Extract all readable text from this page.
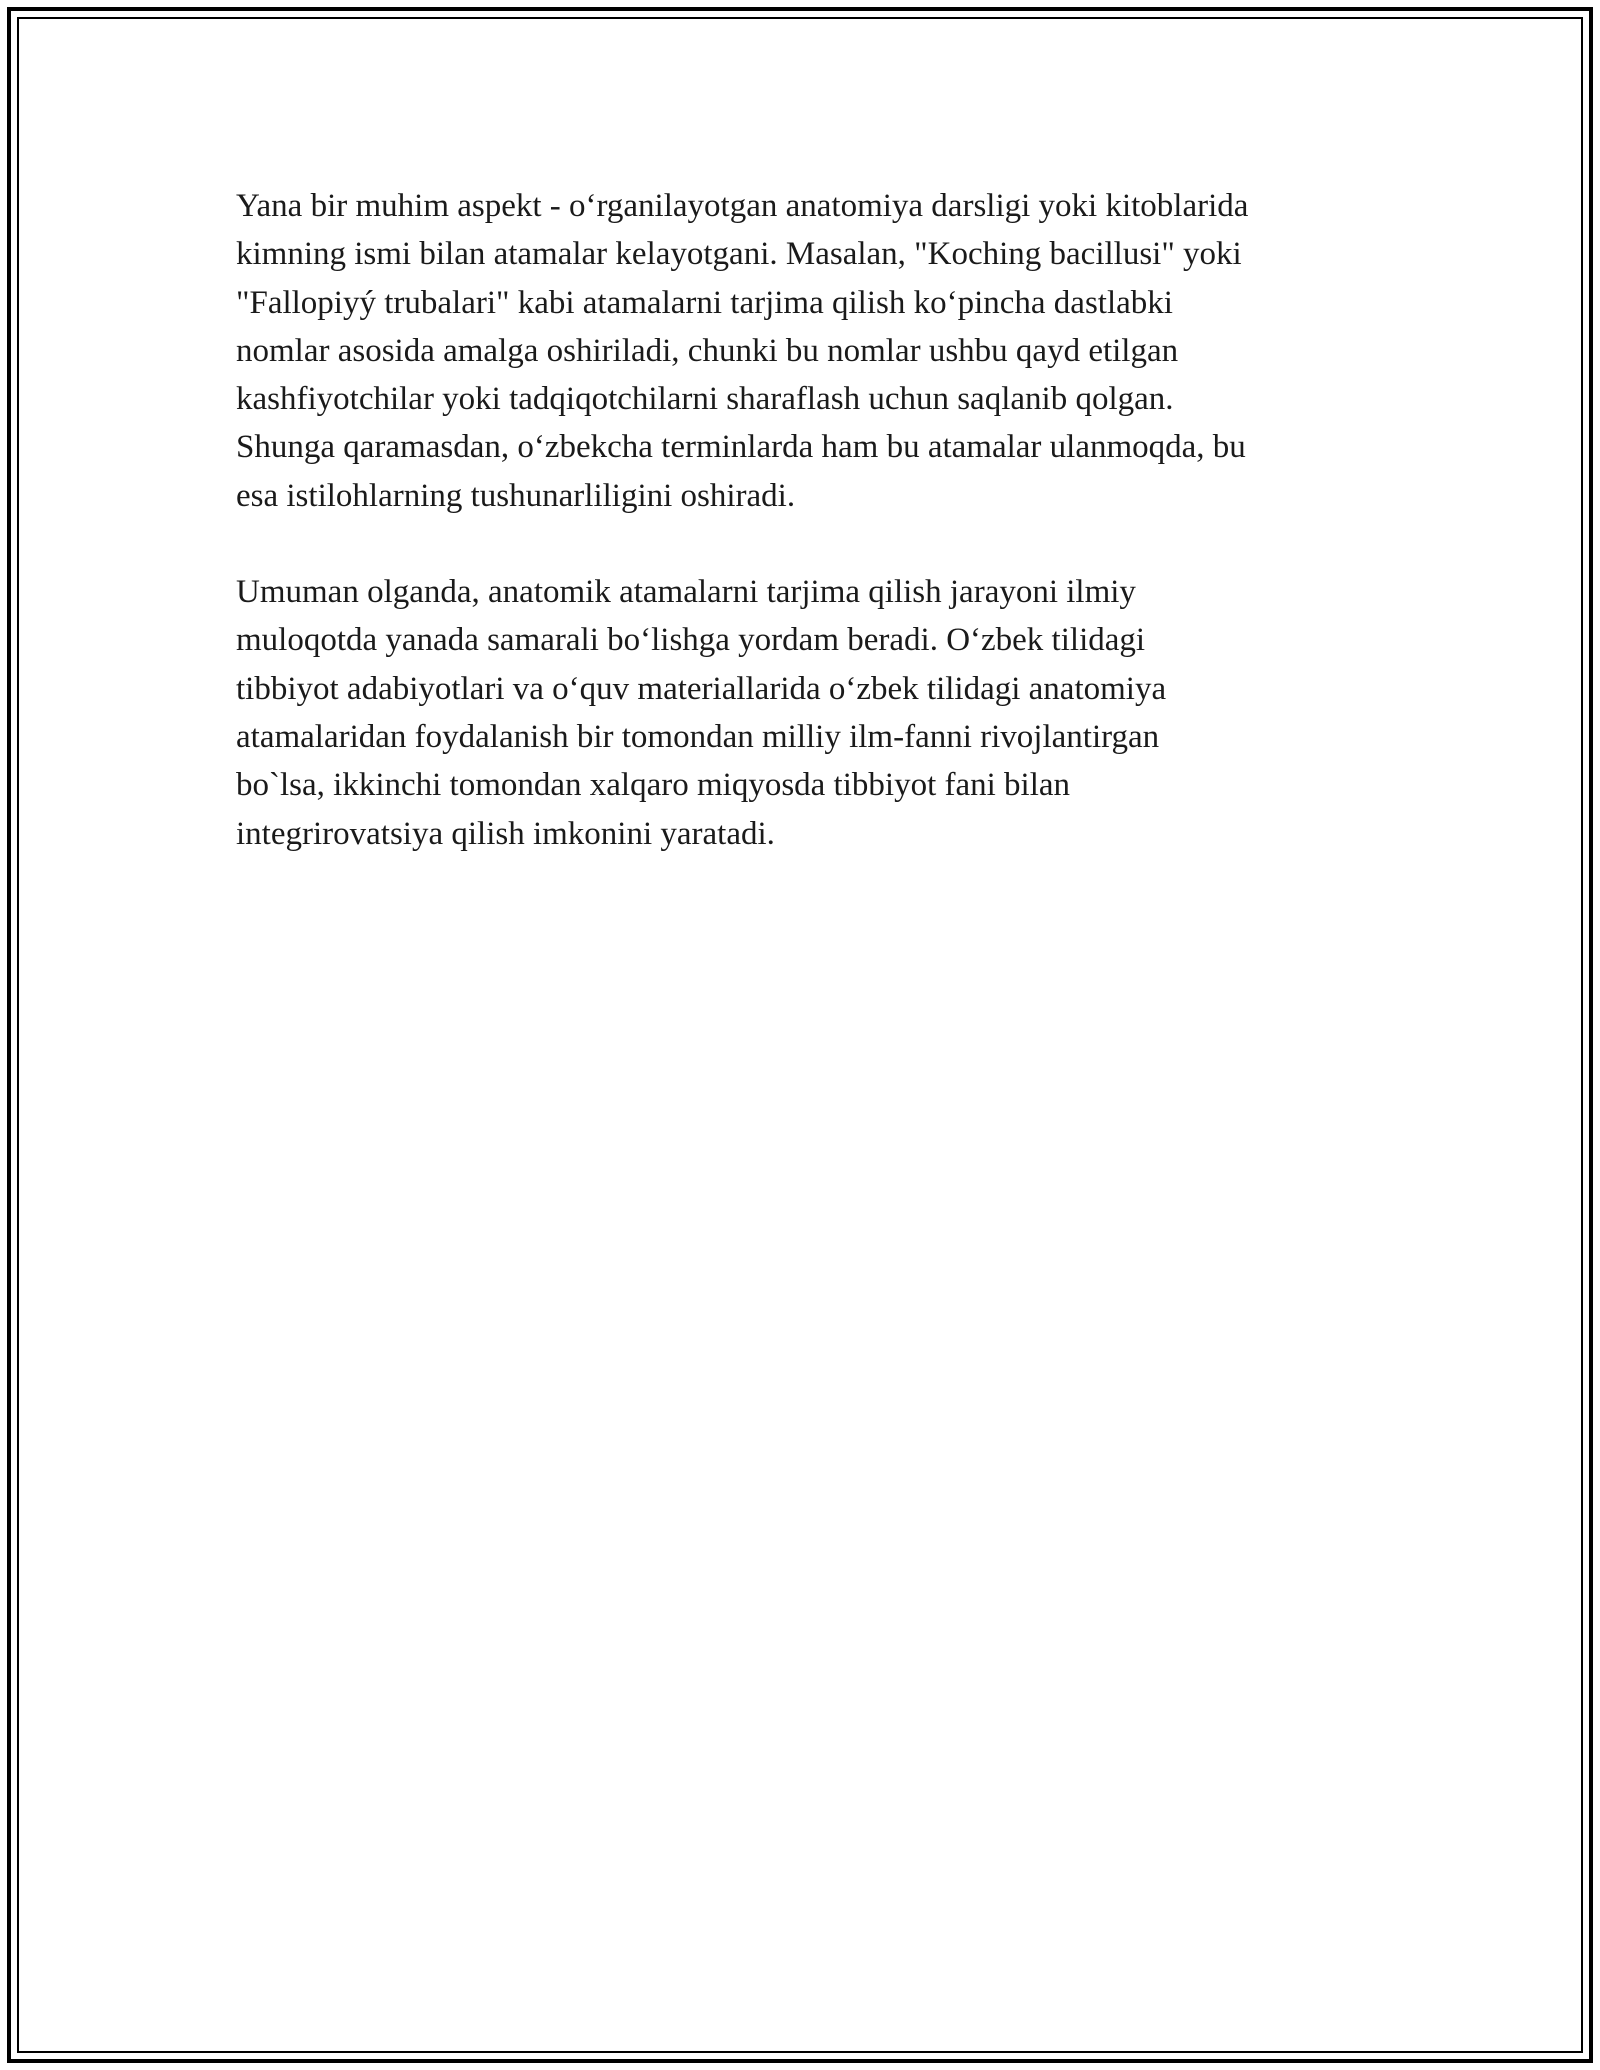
Yana bir muhim aspekt - o‘rganilayotgan anatomiya darsligi yoki kitoblarida
kimning ismi bilan atamalar kelayotgani. Masalan, "Koching bacillusi" yoki
"Fallopiyý trubalari" kabi atamalarni tarjima qilish ko‘pincha dastlabki
nomlar asosida amalga oshiriladi, chunki bu nomlar ushbu qayd etilgan
kashfiyotchilar yoki tadqiqotchilarni sharaflash uchun saqlanib qolgan.
Shunga qaramasdan, o‘zbekcha terminlarda ham bu atamalar ulanmoqda, bu
esa istilohlarning tushunarliligini oshiradi.

Umuman olganda, anatomik atamalarni tarjima qilish jarayoni ilmiy
muloqotda yanada samarali bo‘lishga yordam beradi. O‘zbek tilidagi
tibbiyot adabiyotlari va o‘quv materiallarida o‘zbek tilidagi anatomiya
atamalaridan foydalanish bir tomondan milliy ilm-fanni rivojlantirgan
bo`lsa, ikkinchi tomondan xalqaro miqyosda tibbiyot fani bilan
integrirovatsiya qilish imkonini yaratadi.
